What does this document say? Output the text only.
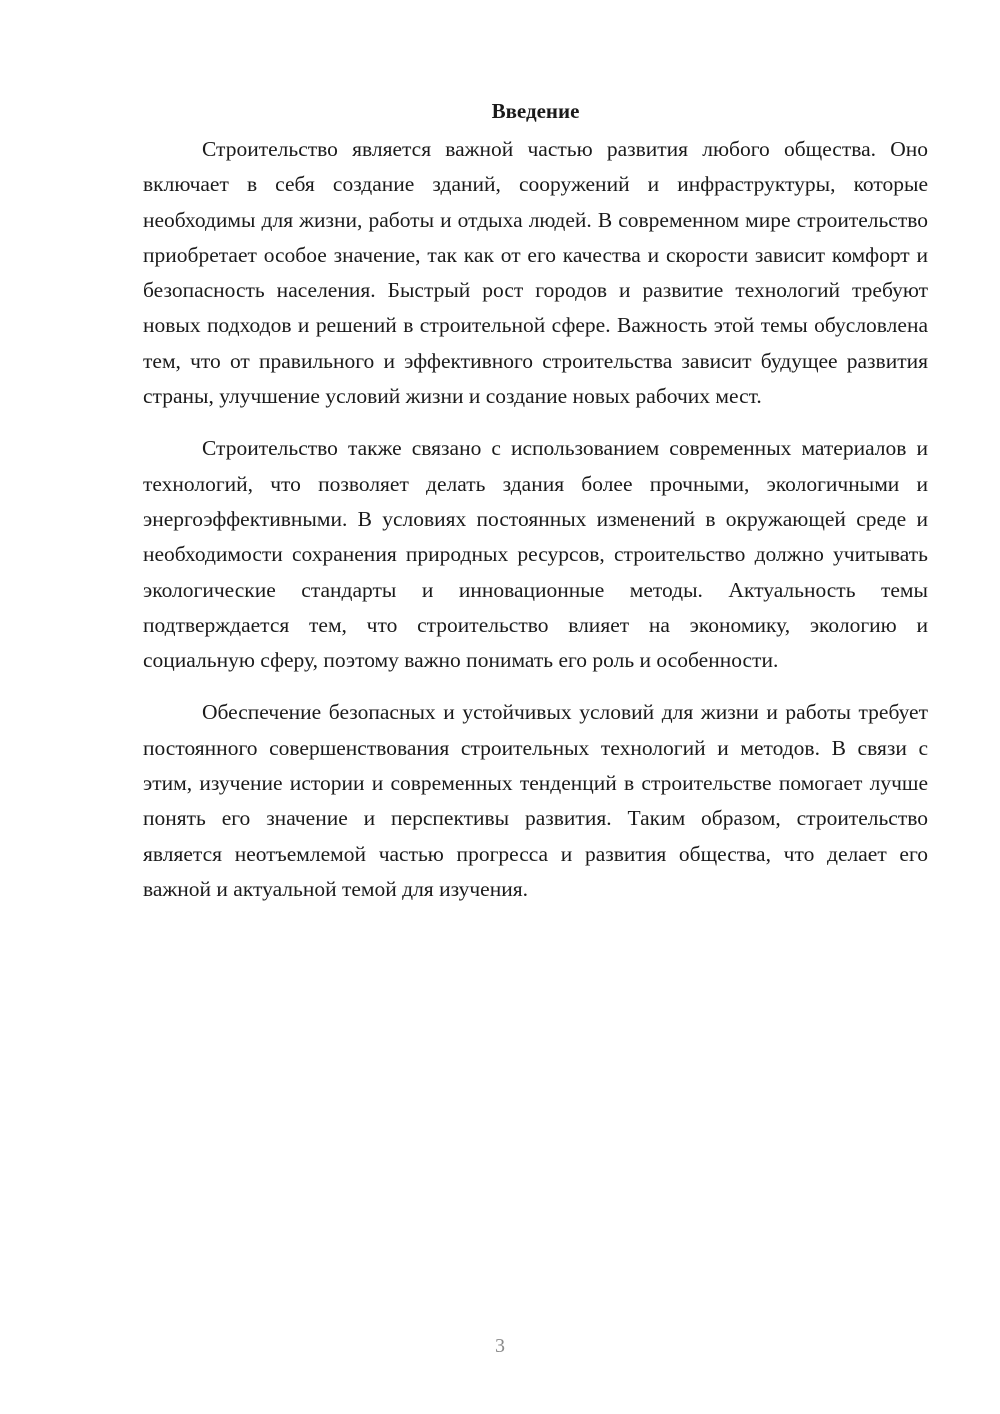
Введение

Строительство является важной частью развития любого общества. Оно включает в себя создание зданий, сооружений и инфраструктуры, которые необходимы для жизни, работы и отдыха людей. В современном мире строительство приобретает особое значение, так как от его качества и скорости зависит комфорт и безопасность населения. Быстрый рост городов и развитие технологий требуют новых подходов и решений в строительной сфере. Важность этой темы обусловлена тем, что от правильного и эффективного строительства зависит будущее развития страны, улучшение условий жизни и создание новых рабочих мест.

Строительство также связано с использованием современных материалов и технологий, что позволяет делать здания более прочными, экологичными и энергоэффективными. В условиях постоянных изменений в окружающей среде и необходимости сохранения природных ресурсов, строительство должно учитывать экологические стандарты и инновационные методы. Актуальность темы подтверждается тем, что строительство влияет на экономику, экологию и социальную сферу, поэтому важно понимать его роль и особенности.

Обеспечение безопасных и устойчивых условий для жизни и работы требует постоянного совершенствования строительных технологий и методов. В связи с этим, изучение истории и современных тенденций в строительстве помогает лучше понять его значение и перспективы развития. Таким образом, строительство является неотъемлемой частью прогресса и развития общества, что делает его важной и актуальной темой для изучения.

3
